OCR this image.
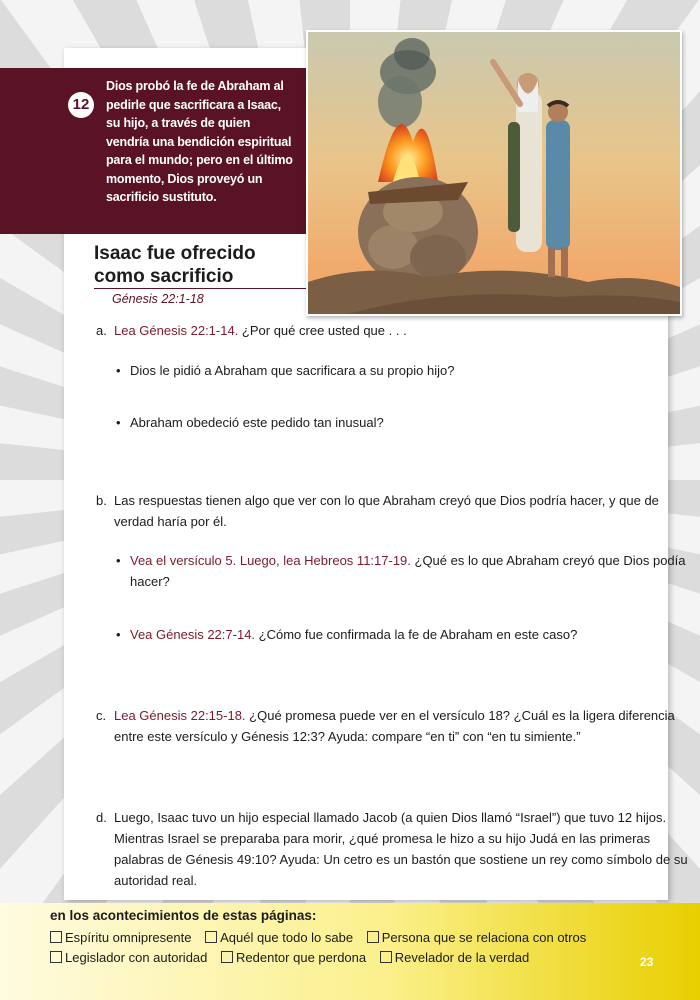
12
Dios probó la fe de Abraham al pedirle que sacrificara a Isaac, su hijo, a través de quien vendría una bendición espiritual para el mundo; pero en el último momento, Dios proveyó un sacrificio sustituto.
Isaac fue ofrecido como sacrificio
Génesis 22:1-18
a. Lea Génesis 22:1-14. ¿Por qué cree usted que . . .
• Dios le pidió a Abraham que sacrificara a su propio hijo?
• Abraham obedeció este pedido tan inusual?
b. Las respuestas tienen algo que ver con lo que Abraham creyó que Dios podría hacer, y que de
verdad haría por él.
• Vea el versículo 5. Luego, lea Hebreos 11:17-19. ¿Qué es lo que Abraham creyó que Dios podía
hacer?
• Vea Génesis 22:7-14. ¿Cómo fue confirmada la fe de Abraham en este caso?
c. Lea Génesis 22:15-18. ¿Qué promesa puede ver en el versículo 18? ¿Cuál es la ligera diferencia
entre este versículo y Génesis 12:3? Ayuda: compare “en ti” con “en tu simiente.”
d. Luego, Isaac tuvo un hijo especial llamado Jacob (a quien Dios llamó “Israel”) que tuvo 12 hijos.
Mientras Israel se preparaba para morir, ¿qué promesa le hizo a su hijo Judá en las primeras
palabras de Génesis 49:10? Ayuda: Un cetro es un bastón que sostiene un rey como símbolo de su
autoridad real.
en los acontecimientos de estas páginas:
Espíritu omnipresente Aquél que todo lo sabe Persona que se relaciona con otros
Legislador con autoridad Redentor que perdona Revelador de la verdad	23
